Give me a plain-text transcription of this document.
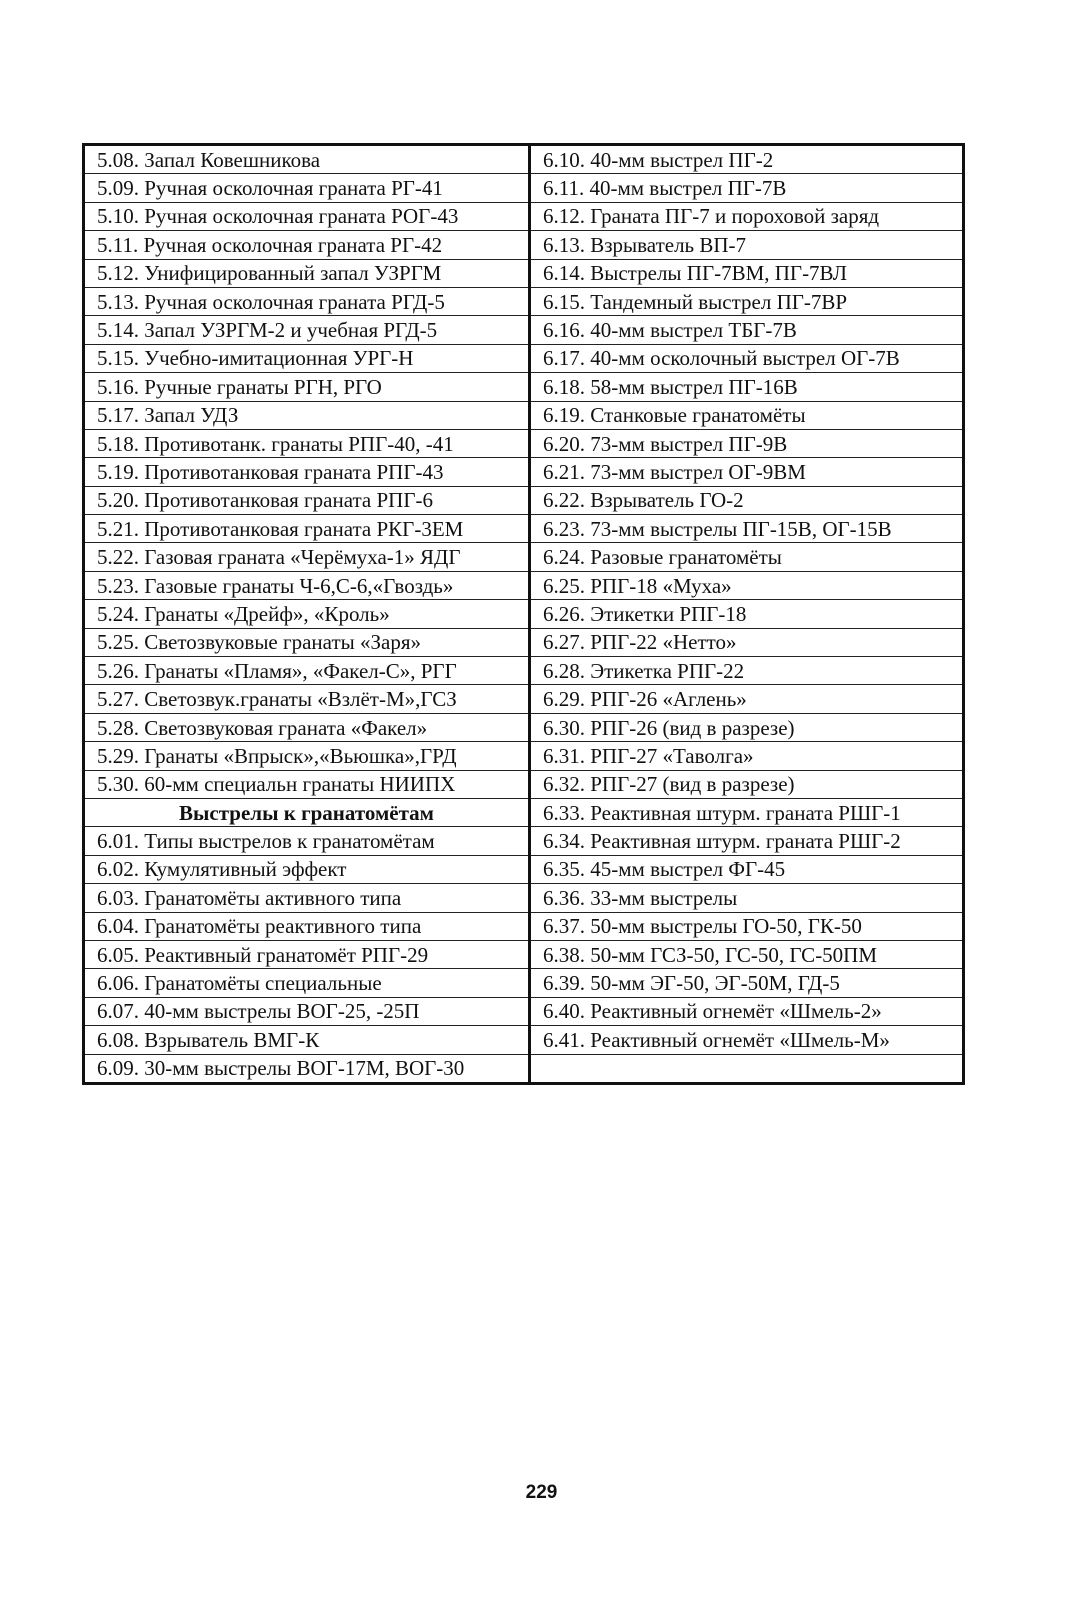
5.08. Запал Ковешникова	6.10. 40-мм выстрел ПГ-2
5.09. Ручная осколочная граната РГ-41	6.11. 40-мм выстрел ПГ-7В
5.10. Ручная осколочная граната РОГ-43	6.12. Граната ПГ-7 и пороховой заряд
5.11. Ручная осколочная граната РГ-42	6.13. Взрыватель ВП-7
5.12. Унифицированный запал УЗРГМ	6.14. Выстрелы ПГ-7ВМ, ПГ-7ВЛ
5.13. Ручная осколочная граната РГД-5	6.15. Тандемный выстрел ПГ-7ВР
5.14. Запал УЗРГМ-2 и учебная РГД-5	6.16. 40-мм выстрел ТБГ-7В
5.15. Учебно-имитационная УРГ-Н	6.17. 40-мм осколочный выстрел ОГ-7В
5.16. Ручные гранаты РГН, РГО	6.18. 58-мм выстрел ПГ-16В
5.17. Запал УДЗ	6.19. Станковые гранатомёты
5.18. Противотанк. гранаты РПГ-40, -41	6.20. 73-мм выстрел ПГ-9В
5.19. Противотанковая граната РПГ-43	6.21. 73-мм выстрел ОГ-9ВМ
5.20. Противотанковая граната РПГ-6	6.22. Взрыватель ГО-2
5.21. Противотанковая граната РКГ-3ЕМ	6.23. 73-мм выстрелы ПГ-15В, ОГ-15В
5.22. Газовая граната «Черёмуха-1» ЯДГ	6.24. Разовые гранатомёты
5.23. Газовые гранаты Ч-6,С-6,«Гвоздь»	6.25. РПГ-18 «Муха»
5.24. Гранаты «Дрейф», «Кроль»	6.26. Этикетки РПГ-18
5.25. Светозвуковые гранаты «Заря»	6.27. РПГ-22 «Нетто»
5.26. Гранаты «Пламя», «Факел-С», РГГ	6.28. Этикетка РПГ-22
5.27. Светозвук.гранаты «Взлёт-М»,ГСЗ	6.29. РПГ-26 «Аглень»
5.28. Светозвуковая граната «Факел»	6.30. РПГ-26 (вид в разрезе)
5.29. Гранаты «Впрыск»,«Вьюшка»,ГРД	6.31. РПГ-27 «Таволга»
5.30. 60-мм специальн гранаты НИИПХ	6.32. РПГ-27 (вид в разрезе)
Выстрелы к гранатомётам	6.33. Реактивная штурм. граната РШГ-1
6.01. Типы выстрелов к гранатомётам	6.34. Реактивная штурм. граната РШГ-2
6.02. Кумулятивный эффект	6.35. 45-мм выстрел ФГ-45
6.03. Гранатомёты активного типа	6.36. 33-мм выстрелы
6.04. Гранатомёты реактивного типа	6.37. 50-мм выстрелы ГО-50, ГК-50
6.05. Реактивный гранатомёт РПГ-29	6.38. 50-мм ГСЗ-50, ГС-50, ГС-50ПМ
6.06. Гранатомёты специальные	6.39. 50-мм ЭГ-50, ЭГ-50М, ГД-5
6.07. 40-мм выстрелы ВОГ-25, -25П	6.40. Реактивный огнемёт «Шмель-2»
6.08. Взрыватель ВМГ-К	6.41. Реактивный огнемёт «Шмель-М»
6.09. 30-мм выстрелы ВОГ-17М, ВОГ-30	
229
